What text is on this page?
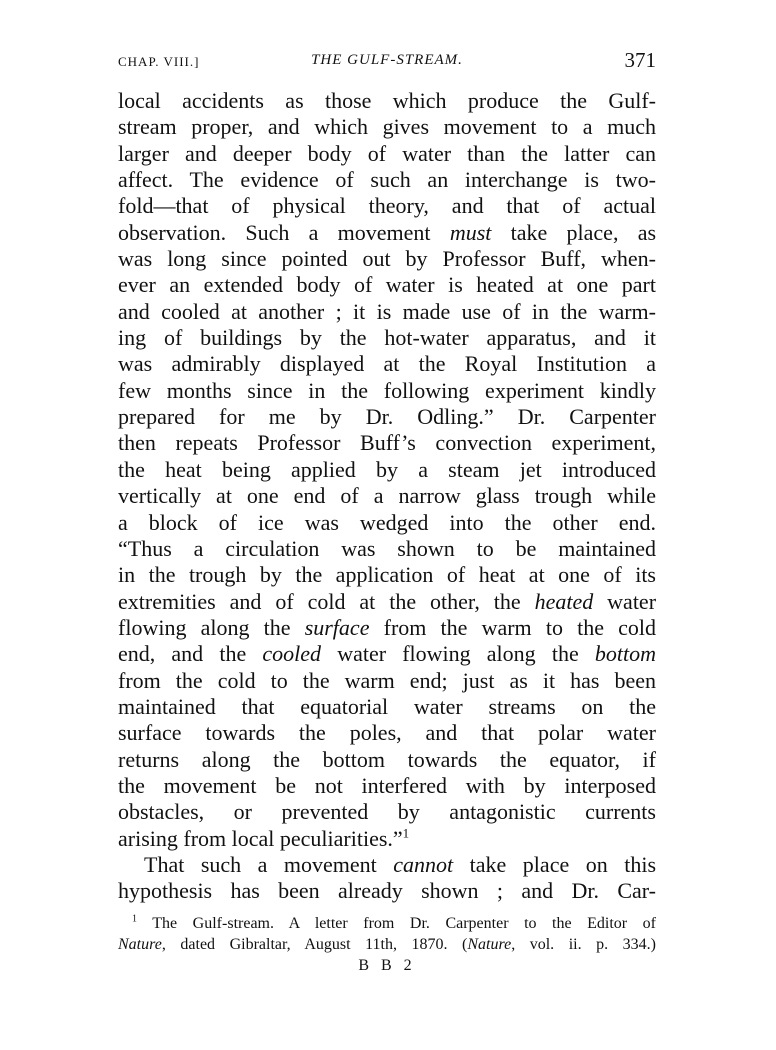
CHAP. VIII.]	THE GULF-STREAM.	371
local accidents as those which produce the Gulf-
stream proper, and which gives movement to a much
larger and deeper body of water than the latter can
affect. The evidence of such an interchange is two-
fold—that of physical theory, and that of actual
observation. Such a movement must take place, as
was long since pointed out by Professor Buff, when-
ever an extended body of water is heated at one part
and cooled at another ; it is made use of in the warm-
ing of buildings by the hot-water apparatus, and it
was admirably displayed at the Royal Institution a
few months since in the following experiment kindly
prepared for me by Dr. Odling.” Dr. Carpenter
then repeats Professor Buff’s convection experiment,
the heat being applied by a steam jet introduced
vertically at one end of a narrow glass trough while
a block of ice was wedged into the other end.
“Thus a circulation was shown to be maintained
in the trough by the application of heat at one of its
extremities and of cold at the other, the heated water
flowing along the surface from the warm to the cold
end, and the cooled water flowing along the bottom
from the cold to the warm end; just as it has been
maintained that equatorial water streams on the
surface towards the poles, and that polar water
returns along the bottom towards the equator, if
the movement be not interfered with by interposed
obstacles, or prevented by antagonistic currents
arising from local peculiarities.”$^1$
That such a movement cannot take place on this
hypothesis has been already shown ; and Dr. Car-
$^1$ The Gulf-stream. A letter from Dr. Carpenter to the Editor of
Nature, dated Gibraltar, August 11th, 1870. (Nature, vol. ii. p. 334.)
B B 2
